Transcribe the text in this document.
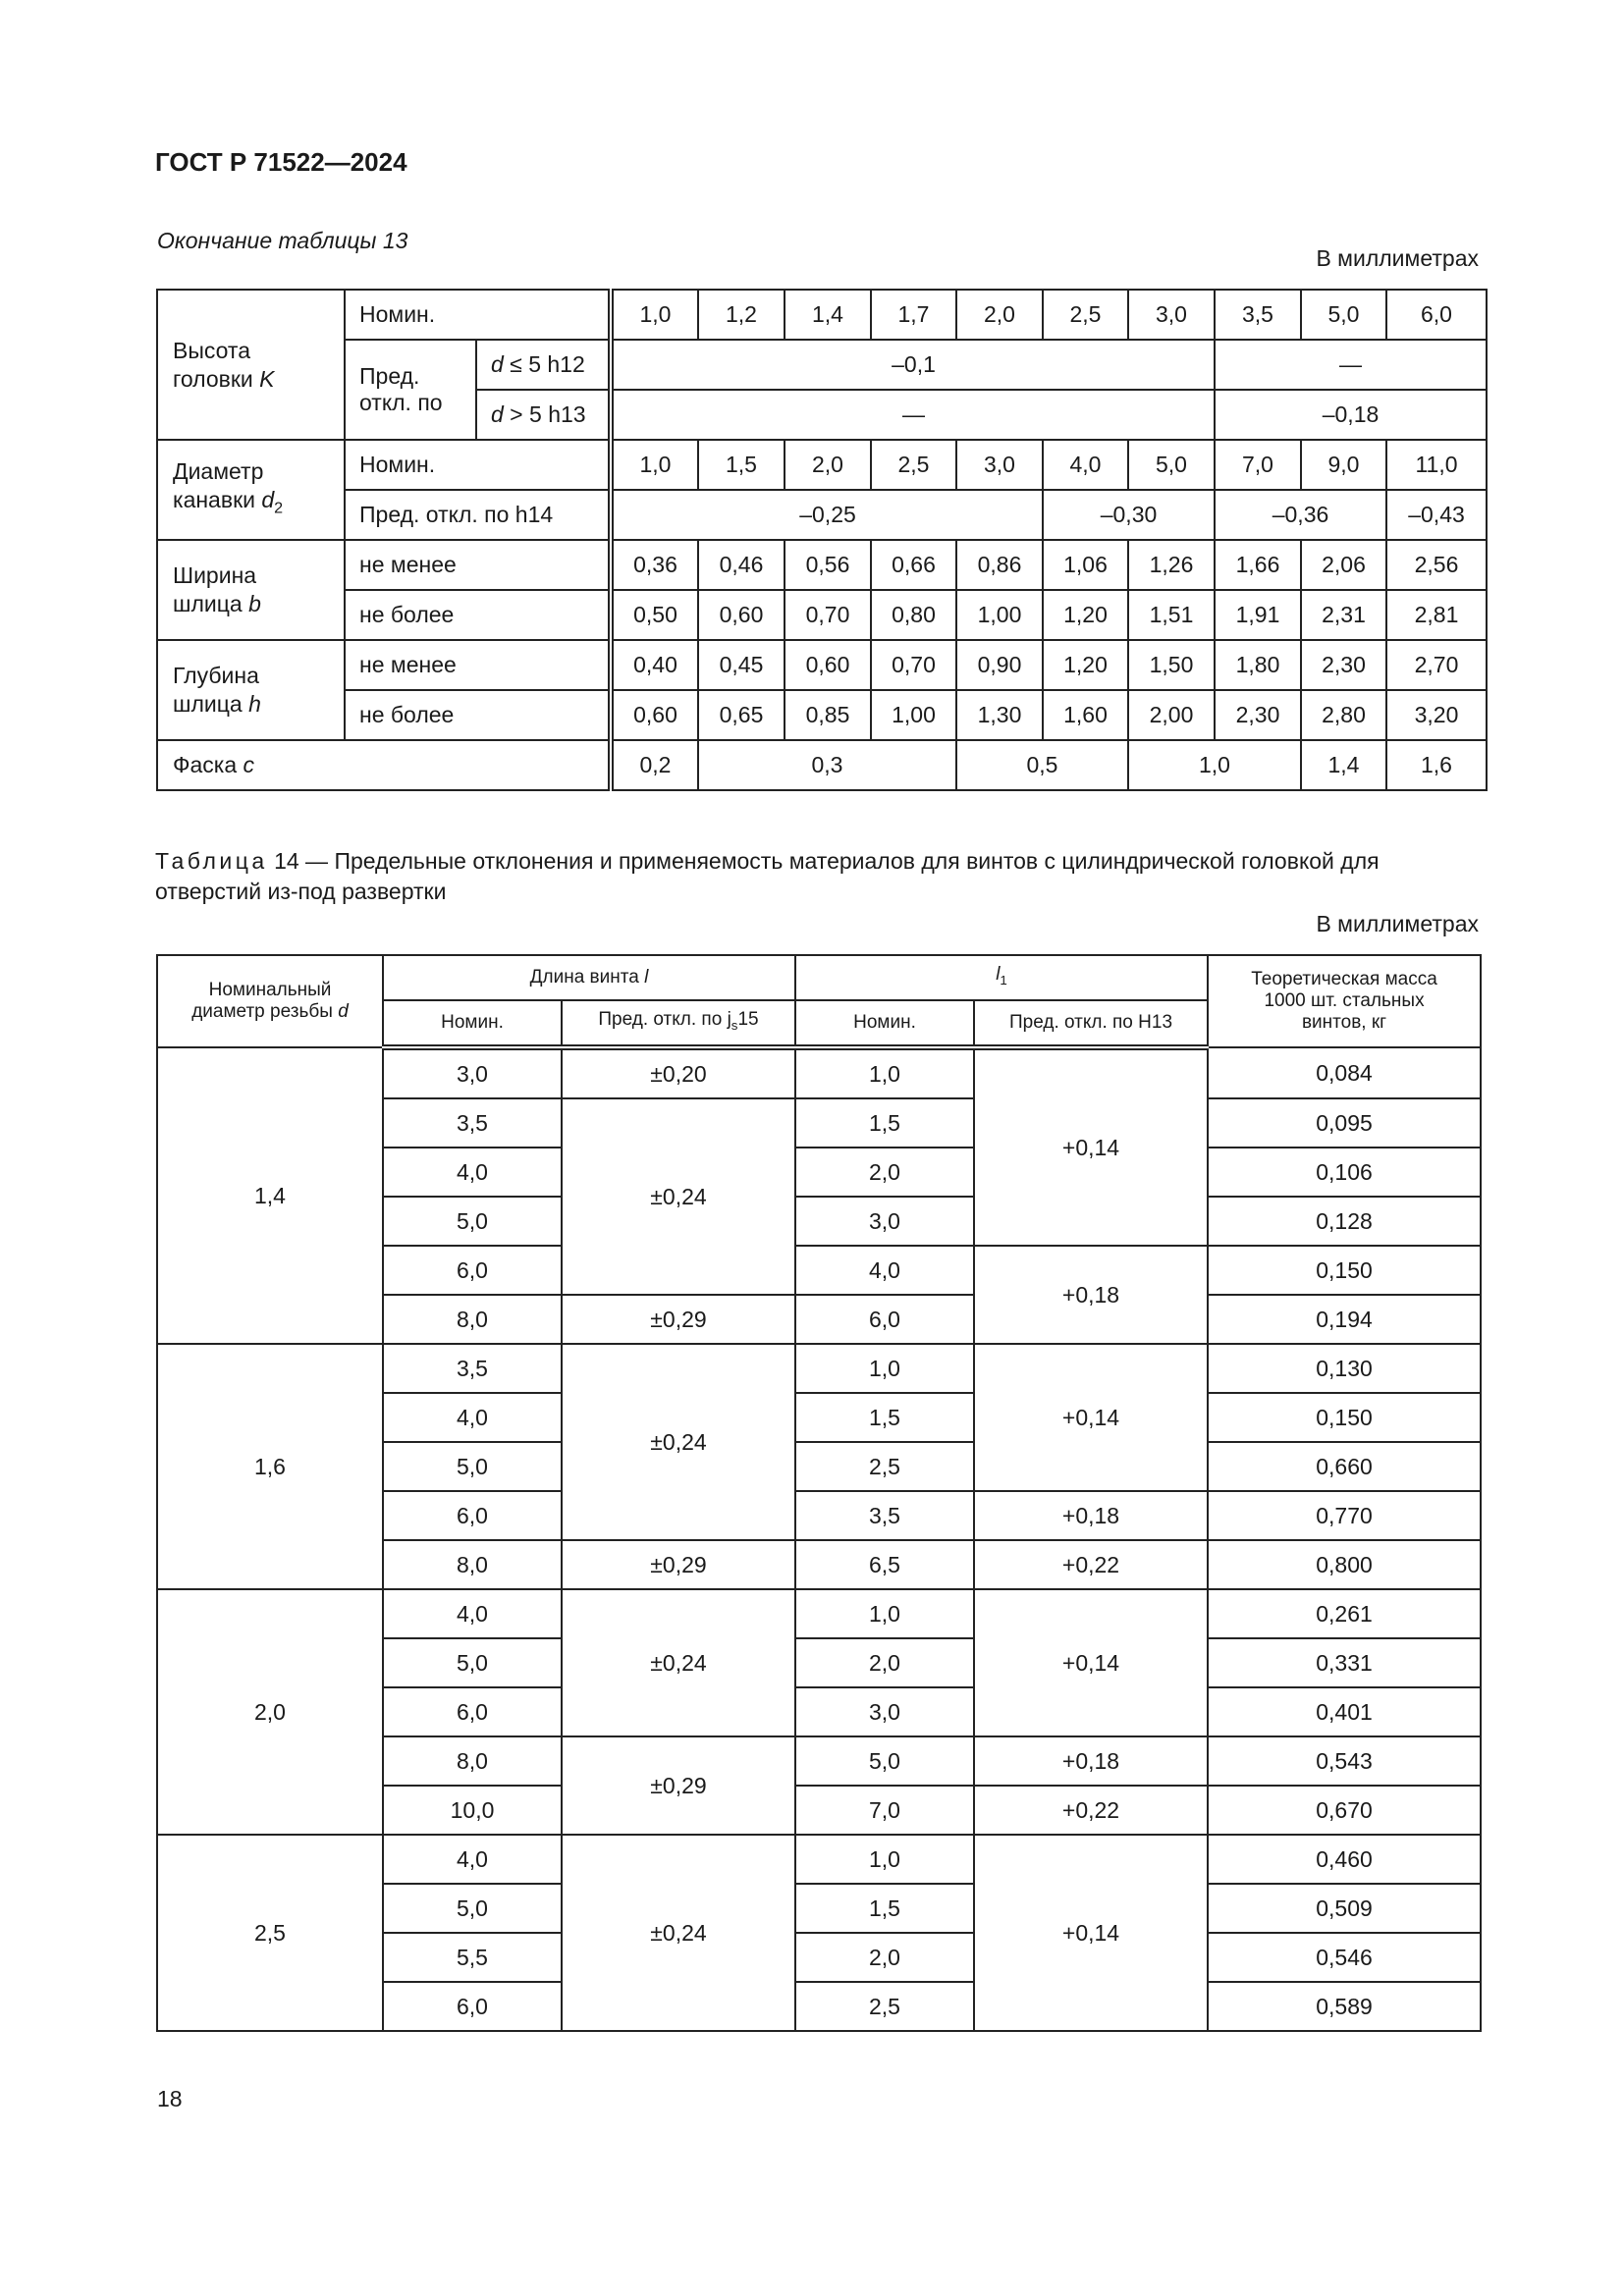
ГОСТ Р 71522—2024
Окончание таблицы 13
В миллиметрах
Высота
головки K	Номин.		1,0	1,2	1,4	1,7	2,0	2,5	3,0	3,5	5,0	6,0
	Пред.
откл. по	d ≤ 5 h12	–0,1							—		
		d > 5 h13	—							–0,18		
Диаметр
канавки $d_2$	Номин.		1,0	1,5	2,0	2,5	3,0	4,0	5,0	7,0	9,0	11,0
	Пред. откл. по h14		–0,25					–0,30		–0,36		–0,43
Ширина
шлица b	не менее		0,36	0,46	0,56	0,66	0,86	1,06	1,26	1,66	2,06	2,56
	не более		0,50	0,60	0,70	0,80	1,00	1,20	1,51	1,91	2,31	2,81
Глубина
шлица h	не менее		0,40	0,45	0,60	0,70	0,90	1,20	1,50	1,80	2,30	2,70
	не более		0,60	0,65	0,85	1,00	1,30	1,60	2,00	2,30	2,80	3,20
Фаска c			0,2	0,3			0,5		1,0		1,4	1,6
Таблица 14 — Предельные отклонения и применяемость материалов для винтов с цилиндрической головкой для отверстий из-под развертки
В миллиметрах
Номинальный
диаметр резьбы d	Длина винта l		$l_1$		Теоретическая масса
1000 шт. стальных
винтов, кг
	Номин.	Пред. откл. по $j_s15$	Номин.	Пред. откл. по H13	
1,4	3,0	±0,20	1,0	+0,14	0,084
	3,5	±0,24	1,5		0,095
	4,0		2,0		0,106
	5,0		3,0		0,128
	6,0		4,0	+0,18	0,150
	8,0	±0,29	6,0		0,194
1,6	3,5	±0,24	1,0	+0,14	0,130
	4,0		1,5		0,150
	5,0		2,5		0,660
	6,0		3,5	+0,18	0,770
	8,0	±0,29	6,5	+0,22	0,800
2,0	4,0	±0,24	1,0	+0,14	0,261
	5,0		2,0		0,331
	6,0		3,0		0,401
	8,0	±0,29	5,0	+0,18	0,543
	10,0		7,0	+0,22	0,670
2,5	4,0	±0,24	1,0	+0,14	0,460
	5,0		1,5		0,509
	5,5		2,0		0,546
	6,0		2,5		0,589
18
